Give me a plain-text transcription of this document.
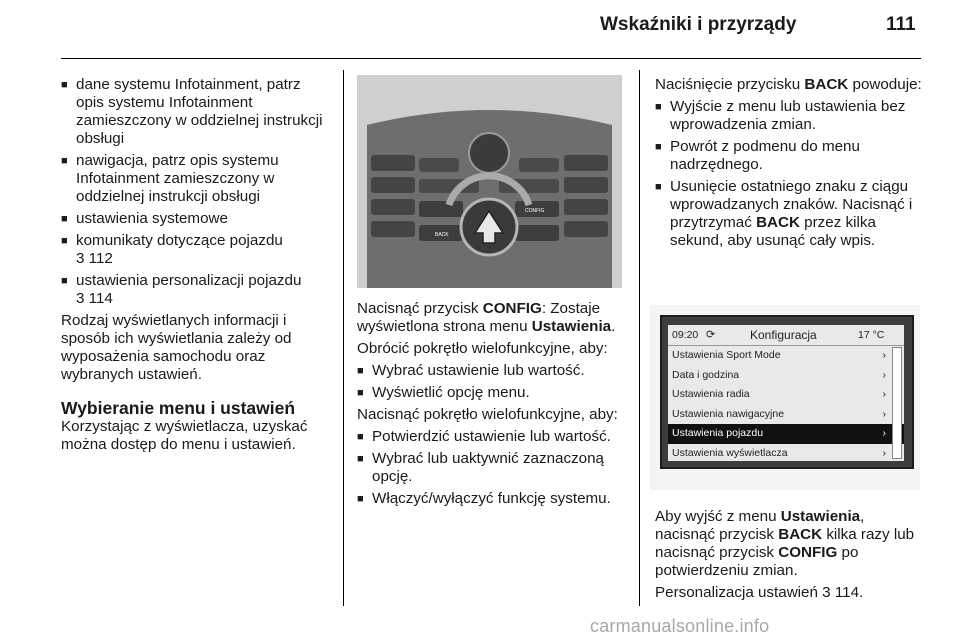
Wskaźniki i przyrządy	111
■ dane systemu Infotainment, patrz opis systemu Infotainment zamieszczony w oddzielnej instrukcji obsługi
■ nawigacja, patrz opis systemu Infotainment zamieszczony w oddzielnej instrukcji obsługi
■ ustawienia systemowe
■ komunikaty dotyczące pojazdu
3 112
■ ustawienia personalizacji pojazdu
3 114

Rodzaj wyświetlanych informacji i sposób ich wyświetlania zależy od wyposażenia samochodu oraz wybranych ustawień.

Wybieranie menu i ustawień

Korzystając z wyświetlacza, uzyskać można dostęp do menu i ustawień.

CONFIG
BACK

Nacisnąć przycisk CONFIG: Zostaje wyświetlona strona menu Ustawienia.

Obrócić pokrętło wielofunkcyjne, aby:

■ Wybrać ustawienie lub wartość.
■ Wyświetlić opcję menu.

Nacisnąć pokrętło wielofunkcyjne, aby:

■ Potwierdzić ustawienie lub wartość.
■ Wybrać lub uaktywnić zaznaczoną opcję.
■ Włączyć/wyłączyć funkcję systemu.

Naciśnięcie przycisku BACK powoduje:

■ Wyjście z menu lub ustawienia bez wprowadzenia zmian.
■ Powrót z podmenu do menu nadrzędnego.
■ Usunięcie ostatniego znaku z ciągu wprowadzanych znaków. Nacisnąć i przytrzymać BACK przez kilka sekund, aby usunąć cały wpis.
09:20 ⟳	Konfiguracja	17 °C
Ustawienia Sport Mode	›
Data i godzina	›
Ustawienia radia	›
Ustawienia nawigacyjne	›
Ustawienia pojazdu	›
Ustawienia wyświetlacza	›

Aby wyjść z menu Ustawienia, nacisnąć przycisk BACK kilka razy lub nacisnąć przycisk CONFIG po potwierdzeniu zmian.

Personalizacja ustawień 3 114.

carmanualsonline.info
